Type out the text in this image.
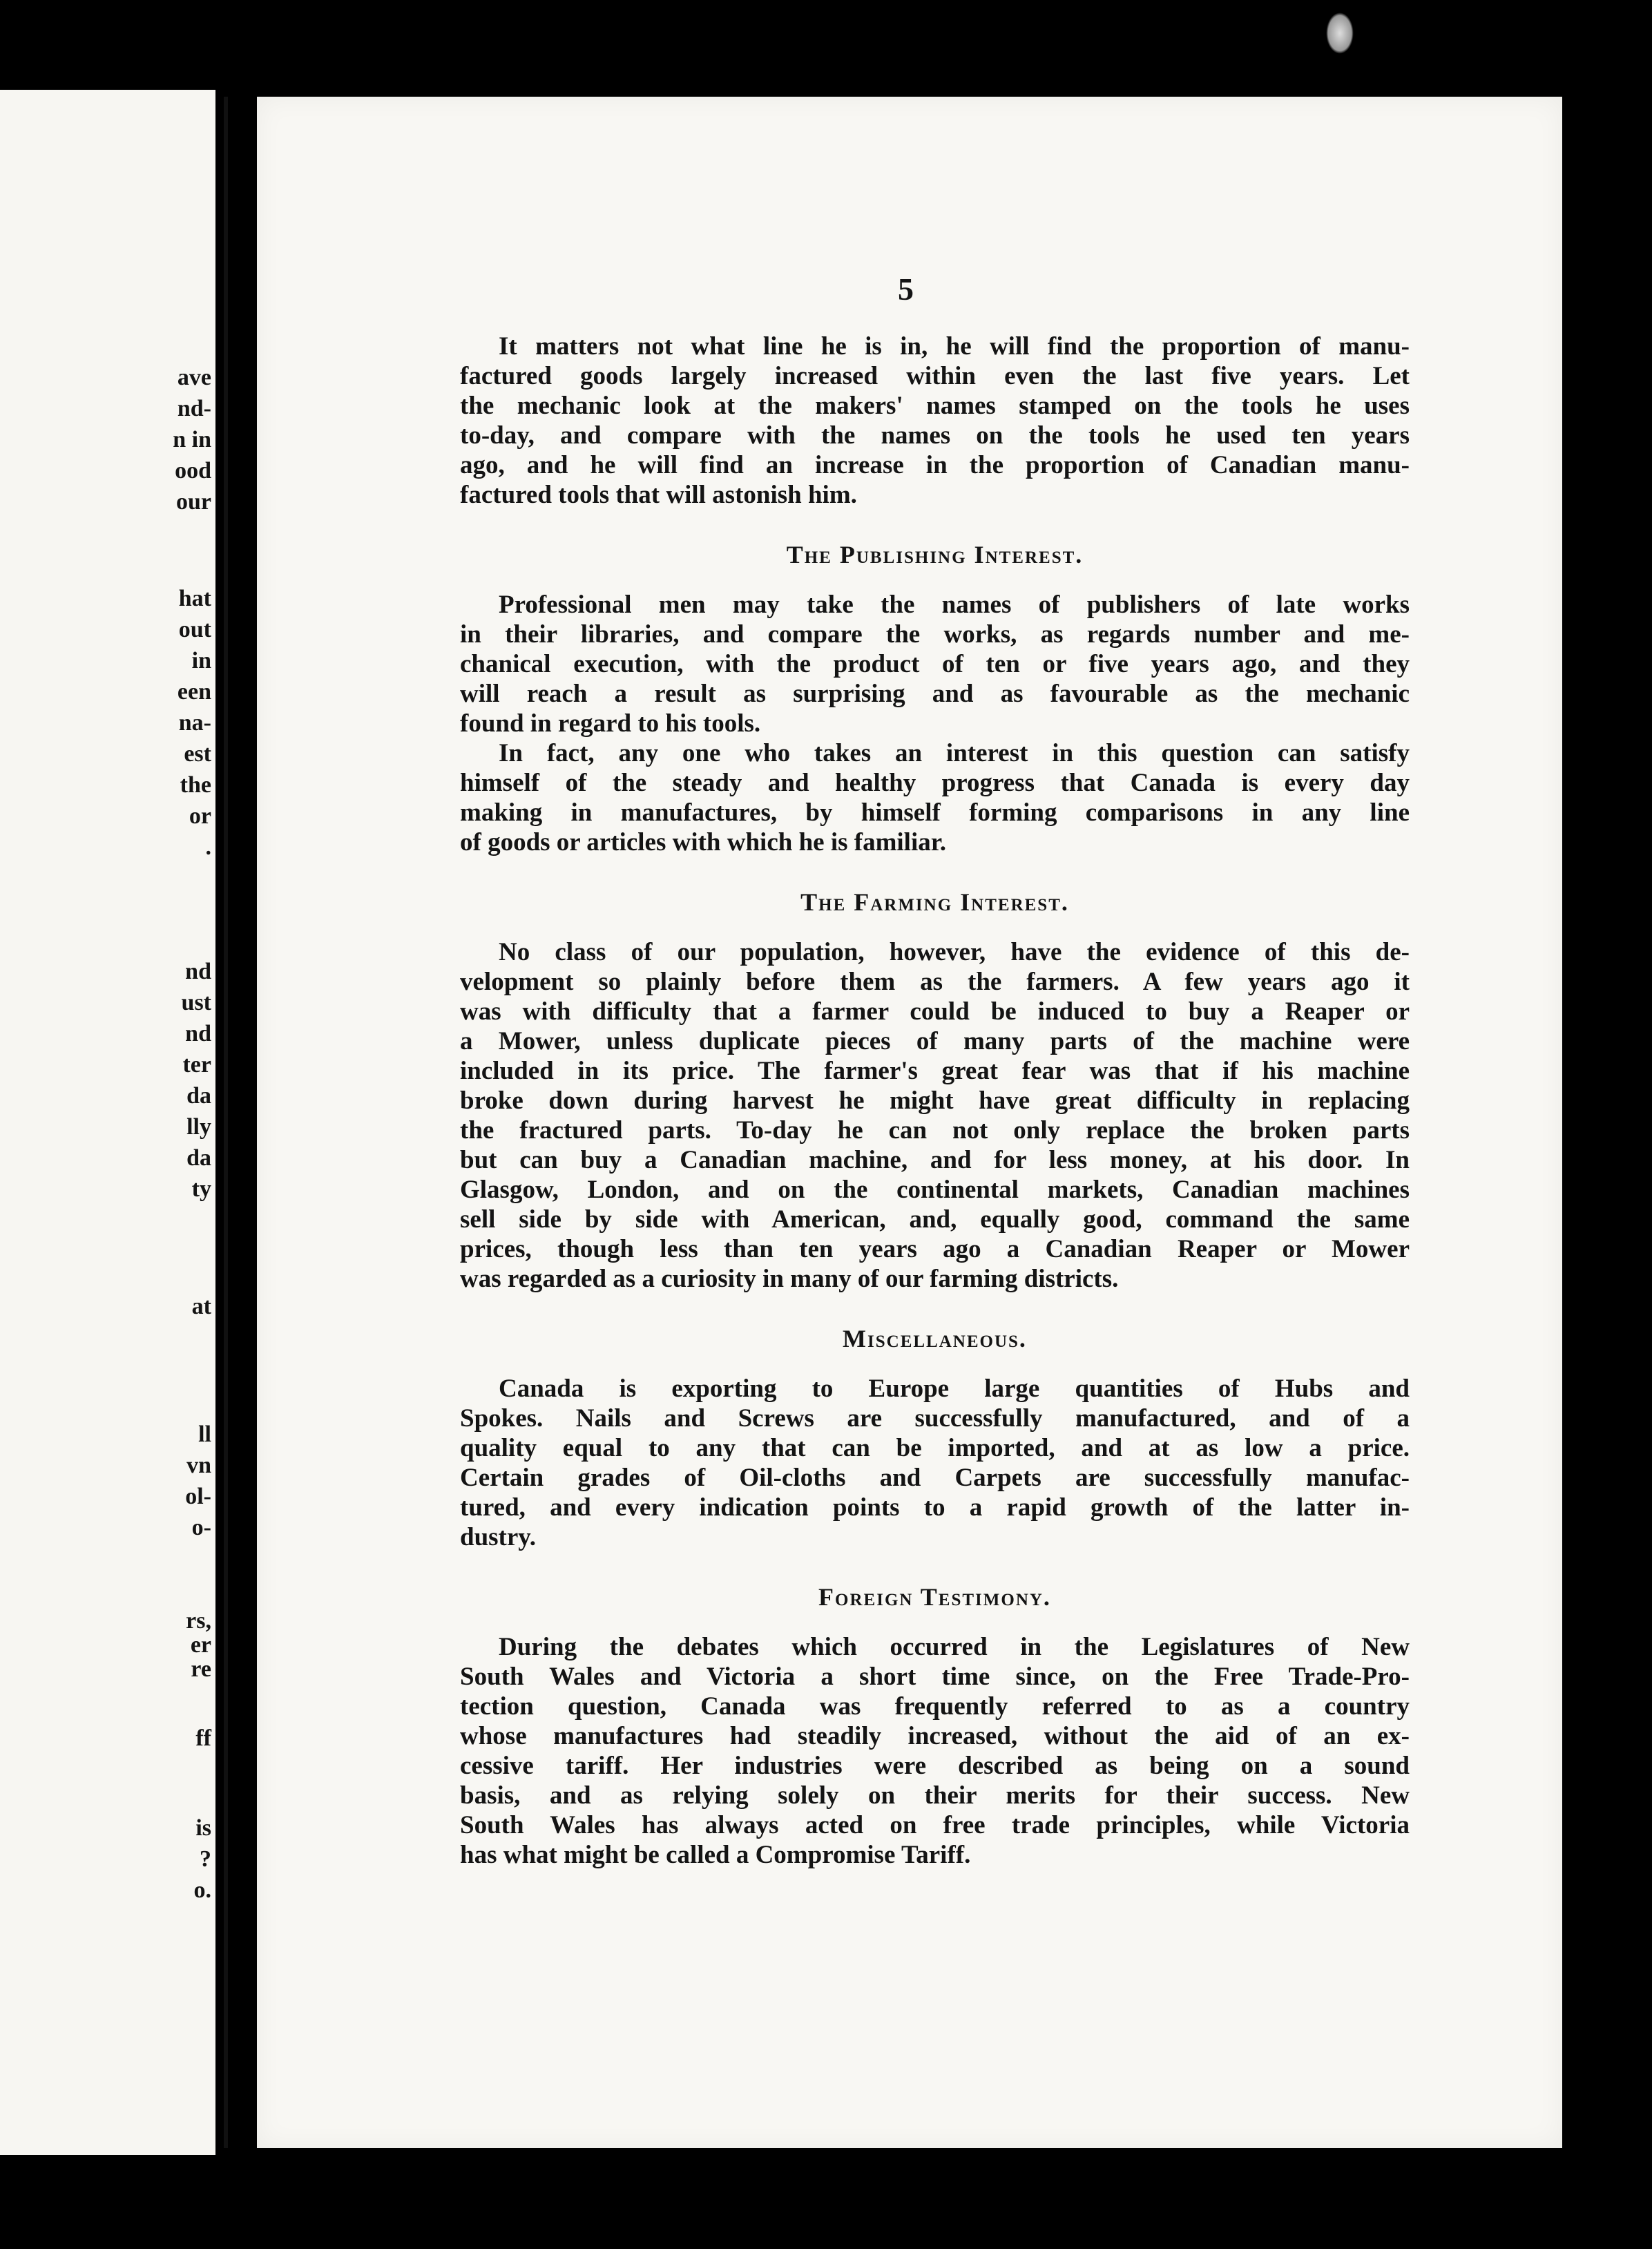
ave
nd-
n in
ood
our
hat
out
in
een
na-
est
the
or
.
nd
ust
nd
ter
da
lly
da
ty
at
ll
vn
ol-
o-
rs,
er
re
ff
is
?
o.
5
It matters not what line he is in, he will find the proportion of manu-
factured goods largely increased within even the last five years. Let
the mechanic look at the makers' names stamped on the tools he uses
to-day, and compare with the names on the tools he used ten years
ago, and he will find an increase in the proportion of Canadian manu-
factured tools that will astonish him.

The Publishing Interest.

Professional men may take the names of publishers of late works
in their libraries, and compare the works, as regards number and me-
chanical execution, with the product of ten or five years ago, and they
will reach a result as surprising and as favourable as the mechanic
found in regard to his tools.
In fact, any one who takes an interest in this question can satisfy
himself of the steady and healthy progress that Canada is every day
making in manufactures, by himself forming comparisons in any line
of goods or articles with which he is familiar.

The Farming Interest.

No class of our population, however, have the evidence of this de-
velopment so plainly before them as the farmers. A few years ago it
was with difficulty that a farmer could be induced to buy a Reaper or
a Mower, unless duplicate pieces of many parts of the machine were
included in its price. The farmer's great fear was that if his machine
broke down during harvest he might have great difficulty in replacing
the fractured parts. To-day he can not only replace the broken parts
but can buy a Canadian machine, and for less money, at his door. In
Glasgow, London, and on the continental markets, Canadian machines
sell side by side with American, and, equally good, command the same
prices, though less than ten years ago a Canadian Reaper or Mower
was regarded as a curiosity in many of our farming districts.

Miscellaneous.

Canada is exporting to Europe large quantities of Hubs and
Spokes. Nails and Screws are successfully manufactured, and of a
quality equal to any that can be imported, and at as low a price.
Certain grades of Oil-cloths and Carpets are successfully manufac-
tured, and every indication points to a rapid growth of the latter in-
dustry.

Foreign Testimony.

During the debates which occurred in the Legislatures of New
South Wales and Victoria a short time since, on the Free Trade-Pro-
tection question, Canada was frequently referred to as a country
whose manufactures had steadily increased, without the aid of an ex-
cessive tariff. Her industries were described as being on a sound
basis, and as relying solely on their merits for their success. New
South Wales has always acted on free trade principles, while Victoria
has what might be called a Compromise Tariff.
